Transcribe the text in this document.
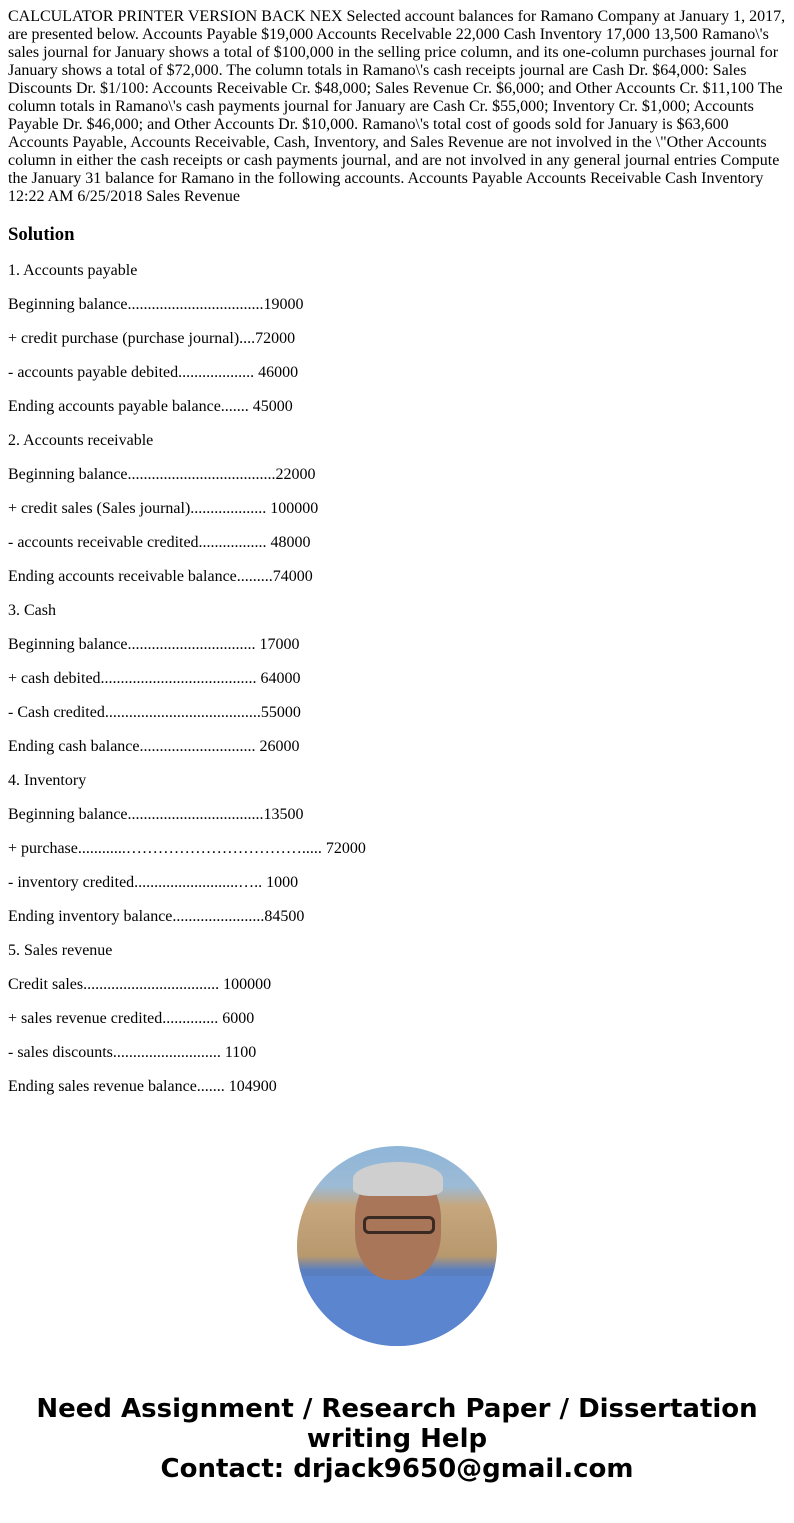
CALCULATOR PRINTER VERSION BACK NEX Selected account balances for Ramano Company at January 1, 2017, are presented below. Accounts Payable $19,000 Accounts Recelvable 22,000 Cash Inventory 17,000 13,500 Ramano\'s sales journal for January shows a total of $100,000 in the selling price column, and its one-column purchases journal for January shows a total of $72,000. The column totals in Ramano\'s cash receipts journal are Cash Dr. $64,000: Sales Discounts Dr. $1/100: Accounts Receivable Cr. $48,000; Sales Revenue Cr. $6,000; and Other Accounts Cr. $11,100 The column totals in Ramano\'s cash payments journal for January are Cash Cr. $55,000; Inventory Cr. $1,000; Accounts Payable Dr. $46,000; and Other Accounts Dr. $10,000. Ramano\'s total cost of goods sold for January is $63,600 Accounts Payable, Accounts Receivable, Cash, Inventory, and Sales Revenue are not involved in the \"Other Accounts column in either the cash receipts or cash payments journal, and are not involved in any general journal entries Compute the January 31 balance for Ramano in the following accounts. Accounts Payable Accounts Receivable Cash Inventory 12:22 AM 6/25/2018 Sales Revenue

Solution

1. Accounts payable

Beginning balance..................................19000

+ credit purchase (purchase journal)....72000

- accounts payable debited................... 46000

Ending accounts payable balance....... 45000

2. Accounts receivable

Beginning balance.....................................22000

+ credit sales (Sales journal)................... 100000

- accounts receivable credited................. 48000

Ending accounts receivable balance.........74000

3. Cash

Beginning balance................................ 17000

+ cash debited....................................... 64000

- Cash credited.......................................55000

Ending cash balance............................. 26000

4. Inventory

Beginning balance..................................13500

+ purchase............……………………………..... 72000

- inventory credited..........................….. 1000

Ending inventory balance.......................84500

5. Sales revenue

Credit sales.................................. 100000

+ sales revenue credited.............. 6000

- sales discounts........................... 1100

Ending sales revenue balance....... 104900

Need Assignment / Research Paper / Dissertation writing Help
Contact: drjack9650@gmail.com
